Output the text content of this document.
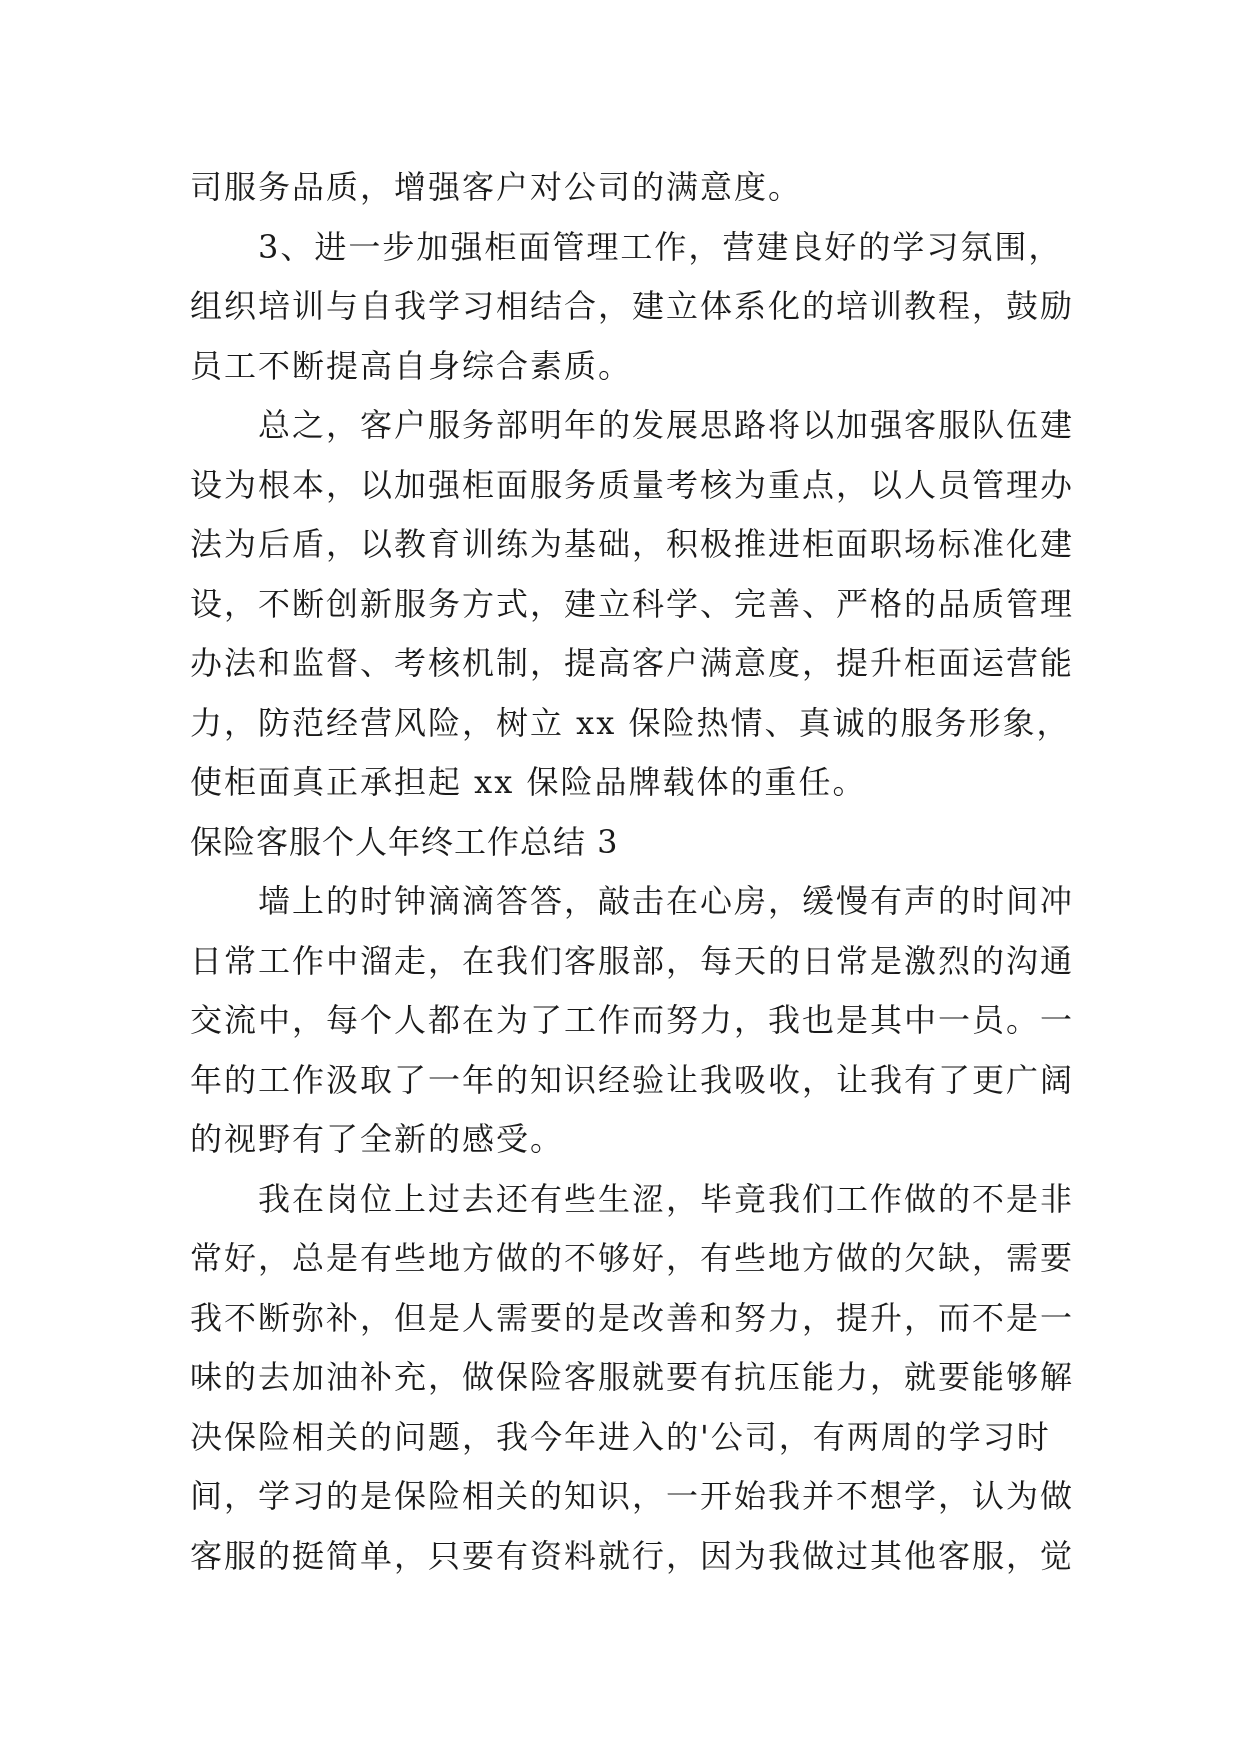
司服务品质，增强客户对公司的满意度。
3、进一步加强柜面管理工作，营建良好的学习氛围，
组织培训与自我学习相结合，建立体系化的培训教程，鼓励
员工不断提高自身综合素质。
总之，客户服务部明年的发展思路将以加强客服队伍建
设为根本，以加强柜面服务质量考核为重点，以人员管理办
法为后盾，以教育训练为基础，积极推进柜面职场标准化建
设，不断创新服务方式，建立科学、完善、严格的品质管理
办法和监督、考核机制，提高客户满意度，提升柜面运营能
力，防范经营风险，树立 xx 保险热情、真诚的服务形象，
使柜面真正承担起 xx 保险品牌载体的重任。
保险客服个人年终工作总结 3
墙上的时钟滴滴答答，敲击在心房，缓慢有声的时间冲
日常工作中溜走，在我们客服部，每天的日常是激烈的沟通
交流中，每个人都在为了工作而努力，我也是其中一员。一
年的工作汲取了一年的知识经验让我吸收，让我有了更广阔
的视野有了全新的感受。
我在岗位上过去还有些生涩，毕竟我们工作做的不是非
常好，总是有些地方做的不够好，有些地方做的欠缺，需要
我不断弥补，但是人需要的是改善和努力，提升，而不是一
味的去加油补充，做保险客服就要有抗压能力，就要能够解
决保险相关的问题，我今年进入的'公司，有两周的学习时
间，学习的是保险相关的知识，一开始我并不想学，认为做
客服的挺简单，只要有资料就行，因为我做过其他客服，觉
